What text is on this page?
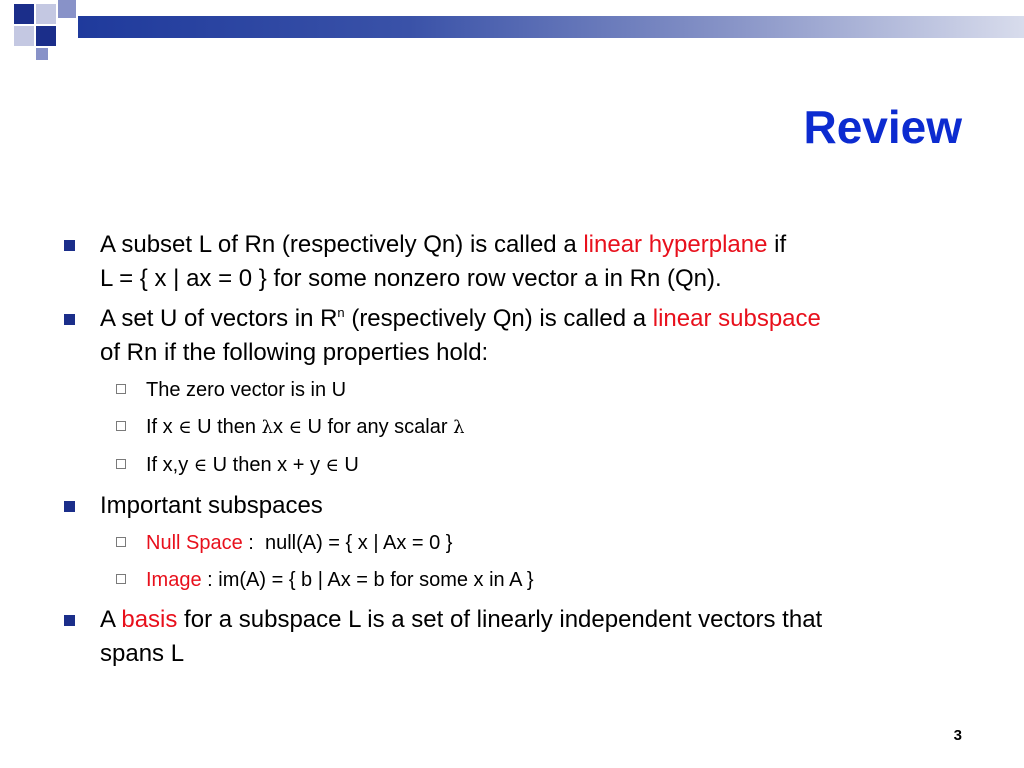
Review
A subset L of Rn (respectively Qn) is called a linear hyperplane if
L = { x | ax = 0 } for some nonzero row vector a in Rn (Qn).
A set U of vectors in $R^n$ (respectively Qn) is called a linear subspace
of Rn if the following properties hold:
The zero vector is in U
If x ∈ U then λx ∈ U for any scalar λ
If x,y ∈ U then x + y ∈ U
Important subspaces
Null Space :  null(A) = { x | Ax = 0 }
Image : im(A) = { b | Ax = b for some x in A }
A basis for a subspace L is a set of linearly independent vectors that
spans L
3
